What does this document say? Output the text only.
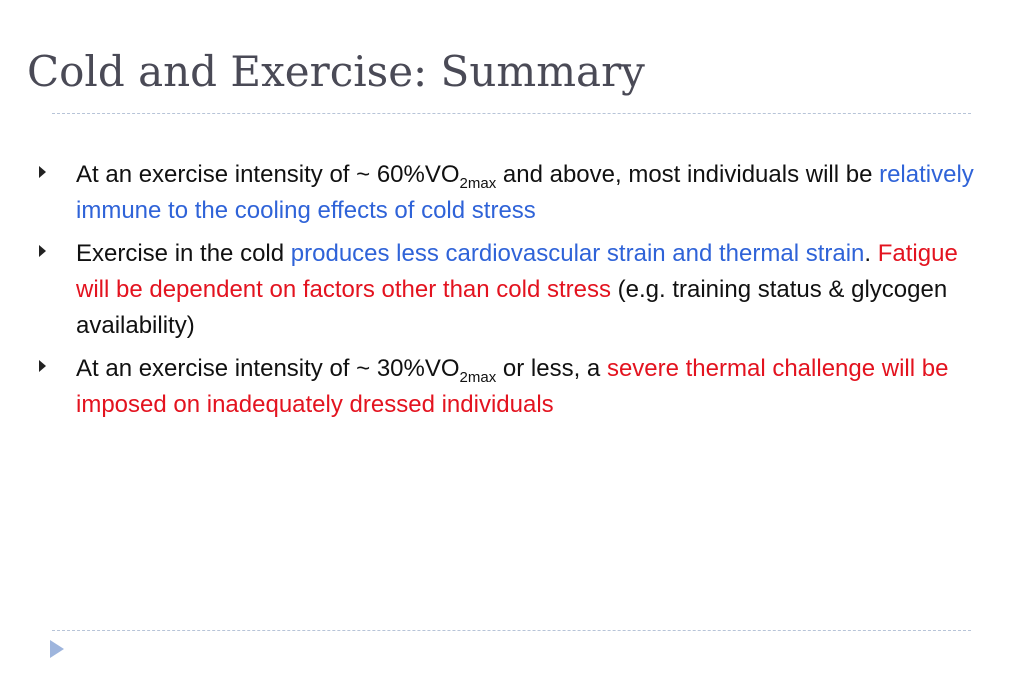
Cold and Exercise: Summary
At an exercise intensity of ~ $60\%VO_{2max}$ and above, most individuals will be relatively immune to the cooling effects of cold stress
Exercise in the cold produces less cardiovascular strain and thermal strain. Fatigue will be dependent on factors other than cold stress (e.g. training status & glycogen availability)
At an exercise intensity of ~ $30\%VO_{2max}$ or less, a severe thermal challenge will be imposed on inadequately dressed individuals
